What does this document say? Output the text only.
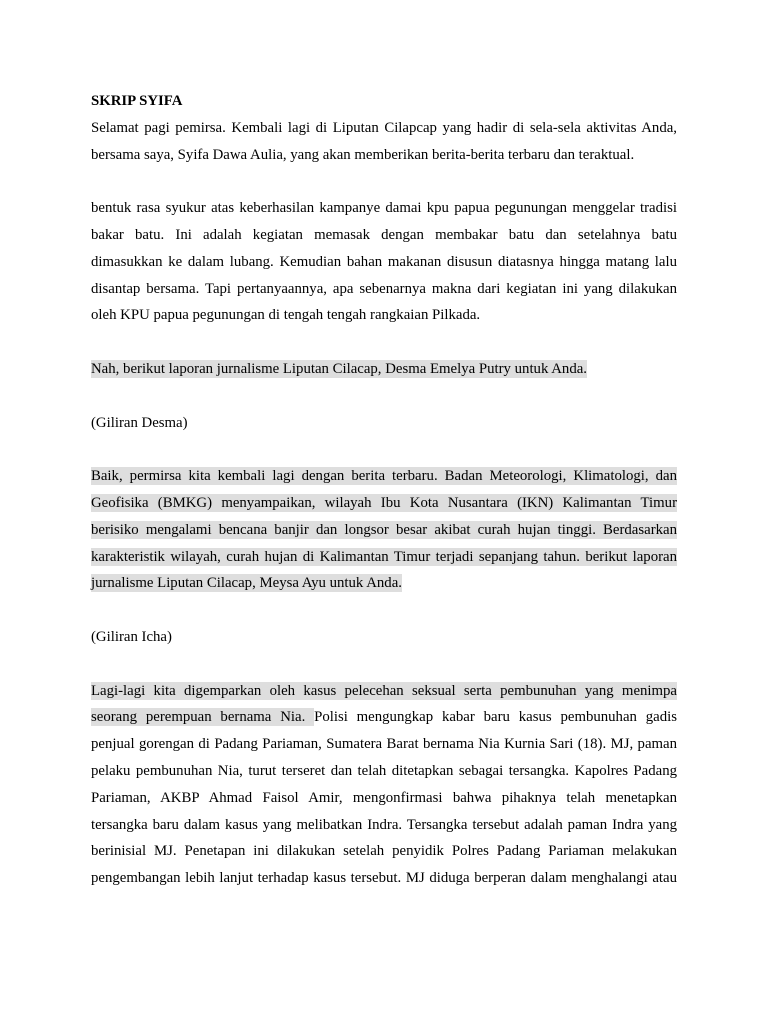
SKRIP SYIFA
Selamat pagi pemirsa. Kembali lagi di Liputan Cilapcap yang hadir di sela-sela aktivitas Anda,
bersama saya, Syifa Dawa Aulia, yang akan memberikan berita-berita terbaru dan teraktual.
bentuk rasa syukur atas keberhasilan kampanye damai kpu papua pegunungan menggelar tradisi
bakar batu. Ini adalah kegiatan memasak dengan membakar batu dan setelahnya batu
dimasukkan ke dalam lubang. Kemudian bahan makanan disusun diatasnya hingga matang lalu
disantap bersama. Tapi pertanyaannya, apa sebenarnya makna dari kegiatan ini yang dilakukan
oleh KPU papua pegunungan di tengah tengah rangkaian Pilkada.
Nah, berikut laporan jurnalisme Liputan Cilacap, Desma Emelya Putry untuk Anda.
(Giliran Desma)
Baik, permirsa kita kembali lagi dengan berita terbaru. Badan Meteorologi, Klimatologi, dan
Geofisika (BMKG) menyampaikan, wilayah Ibu Kota Nusantara (IKN) Kalimantan Timur
berisiko mengalami bencana banjir dan longsor besar akibat curah hujan tinggi. Berdasarkan
karakteristik wilayah, curah hujan di Kalimantan Timur terjadi sepanjang tahun. berikut laporan
jurnalisme Liputan Cilacap, Meysa Ayu untuk Anda.
(Giliran Icha)
Lagi-lagi kita digemparkan oleh kasus pelecehan seksual serta pembunuhan yang menimpa
seorang perempuan bernama Nia. Polisi mengungkap kabar baru kasus pembunuhan gadis
penjual gorengan di Padang Pariaman, Sumatera Barat bernama Nia Kurnia Sari (18). MJ, paman
pelaku pembunuhan Nia, turut terseret dan telah ditetapkan sebagai tersangka. Kapolres Padang
Pariaman, AKBP Ahmad Faisol Amir, mengonfirmasi bahwa pihaknya telah menetapkan
tersangka baru dalam kasus yang melibatkan Indra. Tersangka tersebut adalah paman Indra yang
berinisial MJ. Penetapan ini dilakukan setelah penyidik Polres Padang Pariaman melakukan
pengembangan lebih lanjut terhadap kasus tersebut. MJ diduga berperan dalam menghalangi atau
